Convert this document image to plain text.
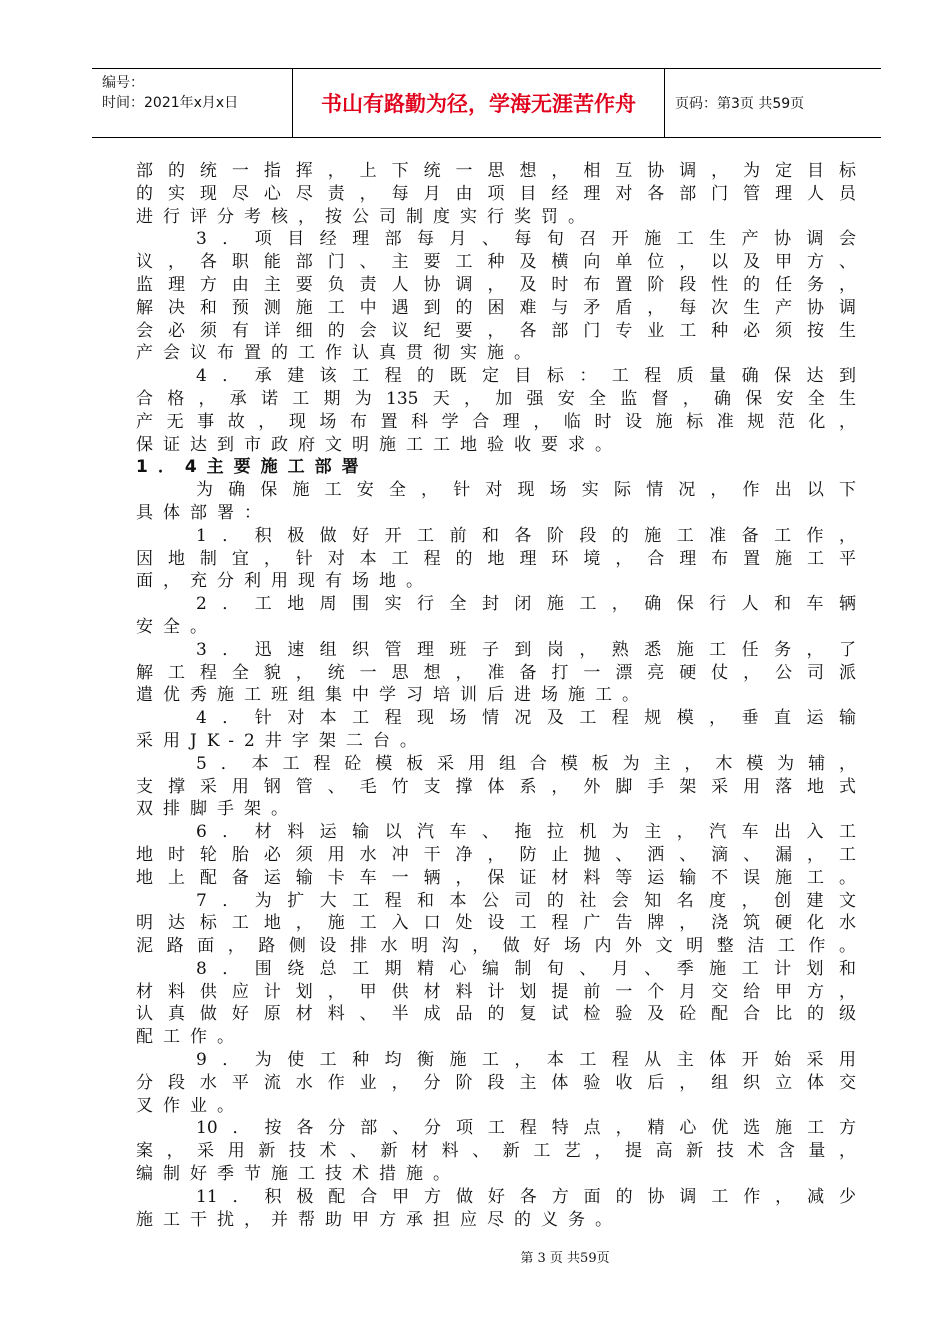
编号：
时间：2021年x月x日	书山有路勤为径，学海无涯苦作舟	页码：第3页 共59页
部的统一指挥，上下统一思想，相互协调，为定目标
的实现尽心尽责，每月由项目经理对各部门管理人员
进行评分考核，按公司制度实行奖罚。
3．项目经理部每月、每旬召开施工生产协调会
议，各职能部门、主要工种及横向单位，以及甲方、
监理方由主要负责人协调，及时布置阶段性的任务，
解决和预测施工中遇到的困难与矛盾，每次生产协调
会必须有详细的会议纪要，各部门专业工种必须按生
产会议布置的工作认真贯彻实施。
4．承建该工程的既定目标：工程质量确保达到
合格，承诺工期为135天，加强安全监督，确保安全生
产无事故，现场布置科学合理，临时设施标准规范化，
保证达到市政府文明施工工地验收要求。
1．4主要施工部署
为确保施工安全，针对现场实际情况，作出以下
具体部署：
1．积极做好开工前和各阶段的施工准备工作，
因地制宜，针对本工程的地理环境，合理布置施工平
面，充分利用现有场地。
2．工地周围实行全封闭施工，确保行人和车辆
安全。
3．迅速组织管理班子到岗，熟悉施工任务，了
解工程全貌，统一思想，准备打一漂亮硬仗，公司派
遣优秀施工班组集中学习培训后进场施工。
4．针对本工程现场情况及工程规模，垂直运输
采用JK-2井字架二台。
5．本工程砼模板采用组合模板为主，木模为辅，
支撑采用钢管、毛竹支撑体系，外脚手架采用落地式
双排脚手架。
6．材料运输以汽车、拖拉机为主，汽车出入工
地时轮胎必须用水冲干净，防止抛、洒、滴、漏，工
地上配备运输卡车一辆，保证材料等运输不误施工。
7．为扩大工程和本公司的社会知名度，创建文
明达标工地，施工入口处设工程广告牌，浇筑硬化水
泥路面，路侧设排水明沟，做好场内外文明整洁工作。
8．围绕总工期精心编制旬、月、季施工计划和
材料供应计划，甲供材料计划提前一个月交给甲方，
认真做好原材料、半成品的复试检验及砼配合比的级
配工作。
9．为使工种均衡施工，本工程从主体开始采用
分段水平流水作业，分阶段主体验收后，组织立体交
叉作业。
10．按各分部、分项工程特点，精心优选施工方
案，采用新技术、新材料、新工艺，提高新技术含量，
编制好季节施工技术措施。
11．积极配合甲方做好各方面的协调工作，减少
施工干扰，并帮助甲方承担应尽的义务。
第 3 页 共59页
